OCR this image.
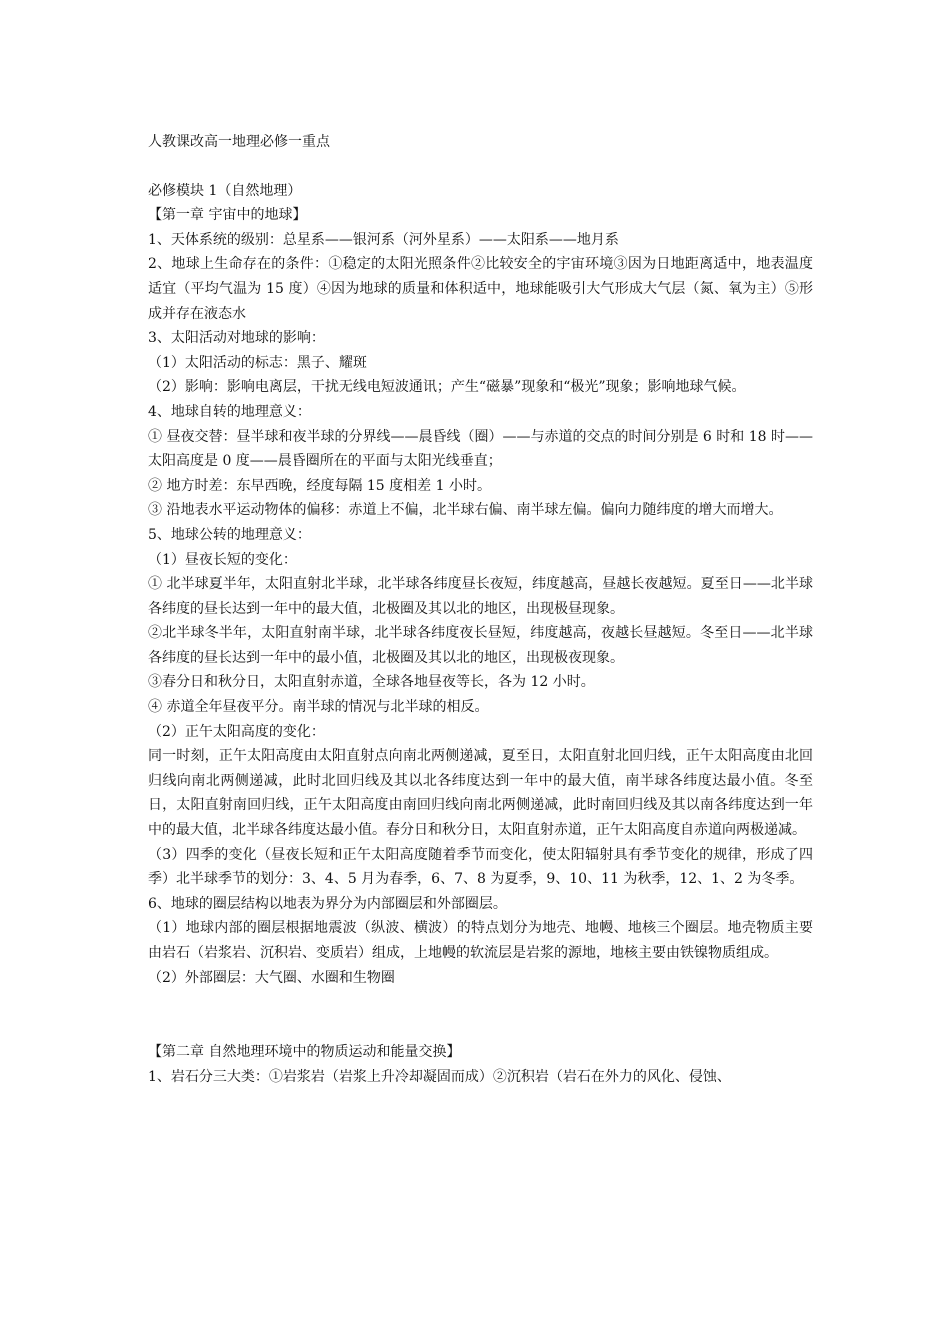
人教课改高一地理必修一重点

必修模块 1（自然地理）

【第一章 宇宙中的地球】

1、天体系统的级别：总星系——银河系（河外星系）——太阳系——地月系

2、地球上生命存在的条件：①稳定的太阳光照条件②比较安全的宇宙环境③因为日地距离适中，地表温度适宜（平均气温为 15 度）④因为地球的质量和体积适中，地球能吸引大气形成大气层（氮、氧为主）⑤形成并存在液态水

3、太阳活动对地球的影响：

（1）太阳活动的标志：黑子、耀斑

（2）影响：影响电离层，干扰无线电短波通讯；产生“磁暴”现象和“极光”现象；影响地球气候。

4、地球自转的地理意义：

① 昼夜交替：昼半球和夜半球的分界线——晨昏线（圈）——与赤道的交点的时间分别是 6 时和 18 时——太阳高度是 0 度——晨昏圈所在的平面与太阳光线垂直；

② 地方时差：东早西晚，经度每隔 15 度相差 1 小时。

③ 沿地表水平运动物体的偏移：赤道上不偏，北半球右偏、南半球左偏。偏向力随纬度的增大而增大。

5、地球公转的地理意义：

（1）昼夜长短的变化：

① 北半球夏半年，太阳直射北半球，北半球各纬度昼长夜短，纬度越高，昼越长夜越短。夏至日——北半球各纬度的昼长达到一年中的最大值，北极圈及其以北的地区，出现极昼现象。

②北半球冬半年，太阳直射南半球，北半球各纬度夜长昼短，纬度越高，夜越长昼越短。冬至日——北半球各纬度的昼长达到一年中的最小值，北极圈及其以北的地区，出现极夜现象。

③春分日和秋分日，太阳直射赤道，全球各地昼夜等长，各为 12 小时。

④ 赤道全年昼夜平分。南半球的情况与北半球的相反。

（2）正午太阳高度的变化：

同一时刻，正午太阳高度由太阳直射点向南北两侧递减，夏至日，太阳直射北回归线，正午太阳高度由北回归线向南北两侧递减，此时北回归线及其以北各纬度达到一年中的最大值，南半球各纬度达最小值。冬至日，太阳直射南回归线，正午太阳高度由南回归线向南北两侧递减，此时南回归线及其以南各纬度达到一年中的最大值，北半球各纬度达最小值。春分日和秋分日，太阳直射赤道，正午太阳高度自赤道向两极递减。

（3）四季的变化（昼夜长短和正午太阳高度随着季节而变化，使太阳辐射具有季节变化的规律，形成了四季）北半球季节的划分：3、4、5 月为春季，6、7、8 为夏季，9、10、11 为秋季，12、1、2 为冬季。

6、地球的圈层结构以地表为界分为内部圈层和外部圈层。

（1）地球内部的圈层根据地震波（纵波、横波）的特点划分为地壳、地幔、地核三个圈层。地壳物质主要由岩石（岩浆岩、沉积岩、变质岩）组成，上地幔的软流层是岩浆的源地，地核主要由铁镍物质组成。

（2）外部圈层：大气圈、水圈和生物圈

【第二章 自然地理环境中的物质运动和能量交换】

1、岩石分三大类：①岩浆岩（岩浆上升冷却凝固而成）②沉积岩（岩石在外力的风化、侵蚀、
